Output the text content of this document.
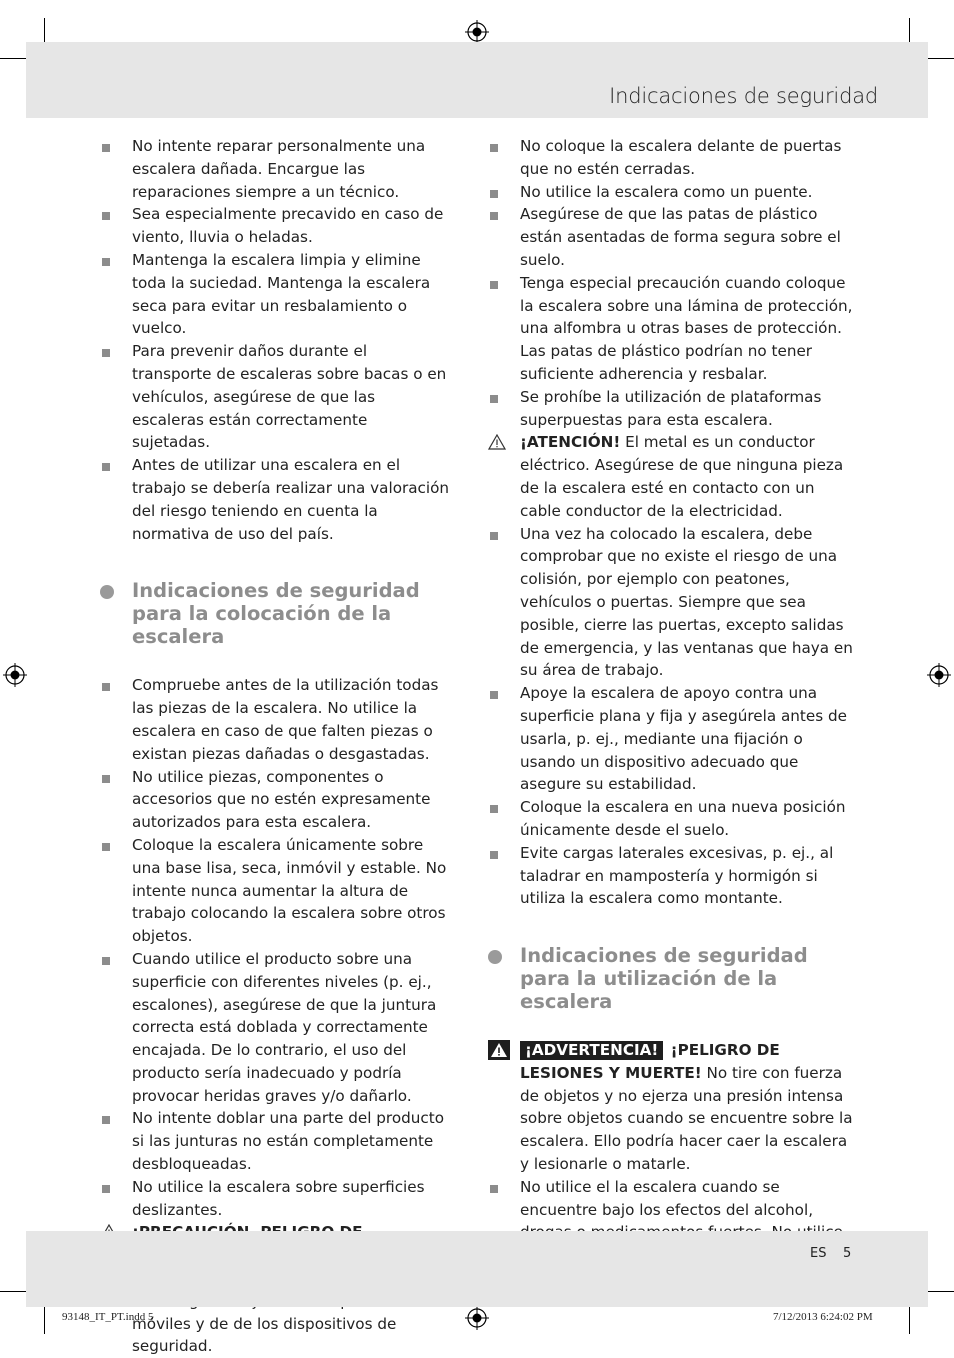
Indicaciones de seguridad
No intente reparar personalmente una escalera dañada. Encargue las reparaciones siempre a un técnico.
Sea especialmente precavido en caso de viento, lluvia o heladas.
Mantenga la escalera limpia y elimine toda la suciedad. Mantenga la escalera seca para evitar un resbalamiento o vuelco.
Para prevenir daños durante el transporte de escaleras sobre bacas o en vehículos, asegúrese de que las escaleras están correctamente sujetadas.
Antes de utilizar una escalera en el trabajo se debería realizar una valoración del riesgo teniendo en cuenta la normativa de uso del país.
Indicaciones de seguridad para la colocación de la escalera
Compruebe antes de la utilización todas las piezas de la escalera. No utilice la escalera en caso de que falten piezas o existan piezas dañadas o desgastadas.
No utilice piezas, componentes o accesorios que no estén expresamente autorizados para esta escalera.
Coloque la escalera únicamente sobre una base lisa, seca, inmóvil y estable. No intente nunca aumentar la altura de trabajo colocando la escalera sobre otros objetos.
Cuando utilice el producto sobre una superficie con diferentes niveles (p. ej., escalones), asegúrese de que la juntura correcta está doblada y correctamente encajada. De lo contrario, el uso del producto sería inadecuado y podría provocar heridas graves y/o dañarlo.
No intente doblar una parte del producto si las junturas no están completamente desbloqueadas.
No utilice la escalera sobre superficies deslizantes.
móviles y de de los dispositivos de seguridad.
No coloque la escalera delante de puertas que no estén cerradas.
No utilice la escalera como un puente.
Asegúrese de que las patas de plástico están asentadas de forma segura sobre el suelo.
Tenga especial precaución cuando coloque la escalera sobre una lámina de protección, una alfombra u otras bases de protección. Las patas de plástico podrían no tener suficiente adherencia y resbalar.
Se prohíbe la utilización de plataformas superpuestas para esta escalera.
¡ATENCIÓN! El metal es un conductor eléctrico. Asegúrese de que ninguna pieza de la escalera esté en contacto con un cable conductor de la electricidad.
Una vez ha colocado la escalera, debe comprobar que no existe el riesgo de una colisión, por ejemplo con peatones, vehículos o puertas. Siempre que sea posible, cierre las puertas, excepto salidas de emergencia, y las ventanas que haya en su área de trabajo.
Apoye la escalera de apoyo contra una superficie plana y fija y asegúrela antes de usarla, p. ej., mediante una fijación o usando un dispositivo adecuado que asegure su estabilidad.
Coloque la escalera en una nueva posición únicamente desde el suelo.
Evite cargas laterales excesivas, p. ej., al taladrar en mampostería y hormigón si utiliza la escalera como montante.
Indicaciones de seguridad para la utilización de la escalera
¡ADVERTENCIA! ¡PELIGRO DE LESIONES Y MUERTE! No tire con fuerza de objetos y no ejerza una presión intensa sobre objetos cuando se encuentre sobre la escalera. Ello podría hacer caer la escalera y lesionarle o matarle.
No utilice el la escalera cuando se encuentre bajo los efectos del alcohol,
ES 5
93148_IT_PT.indd 5	7/12/2013 6:24:02 PM
